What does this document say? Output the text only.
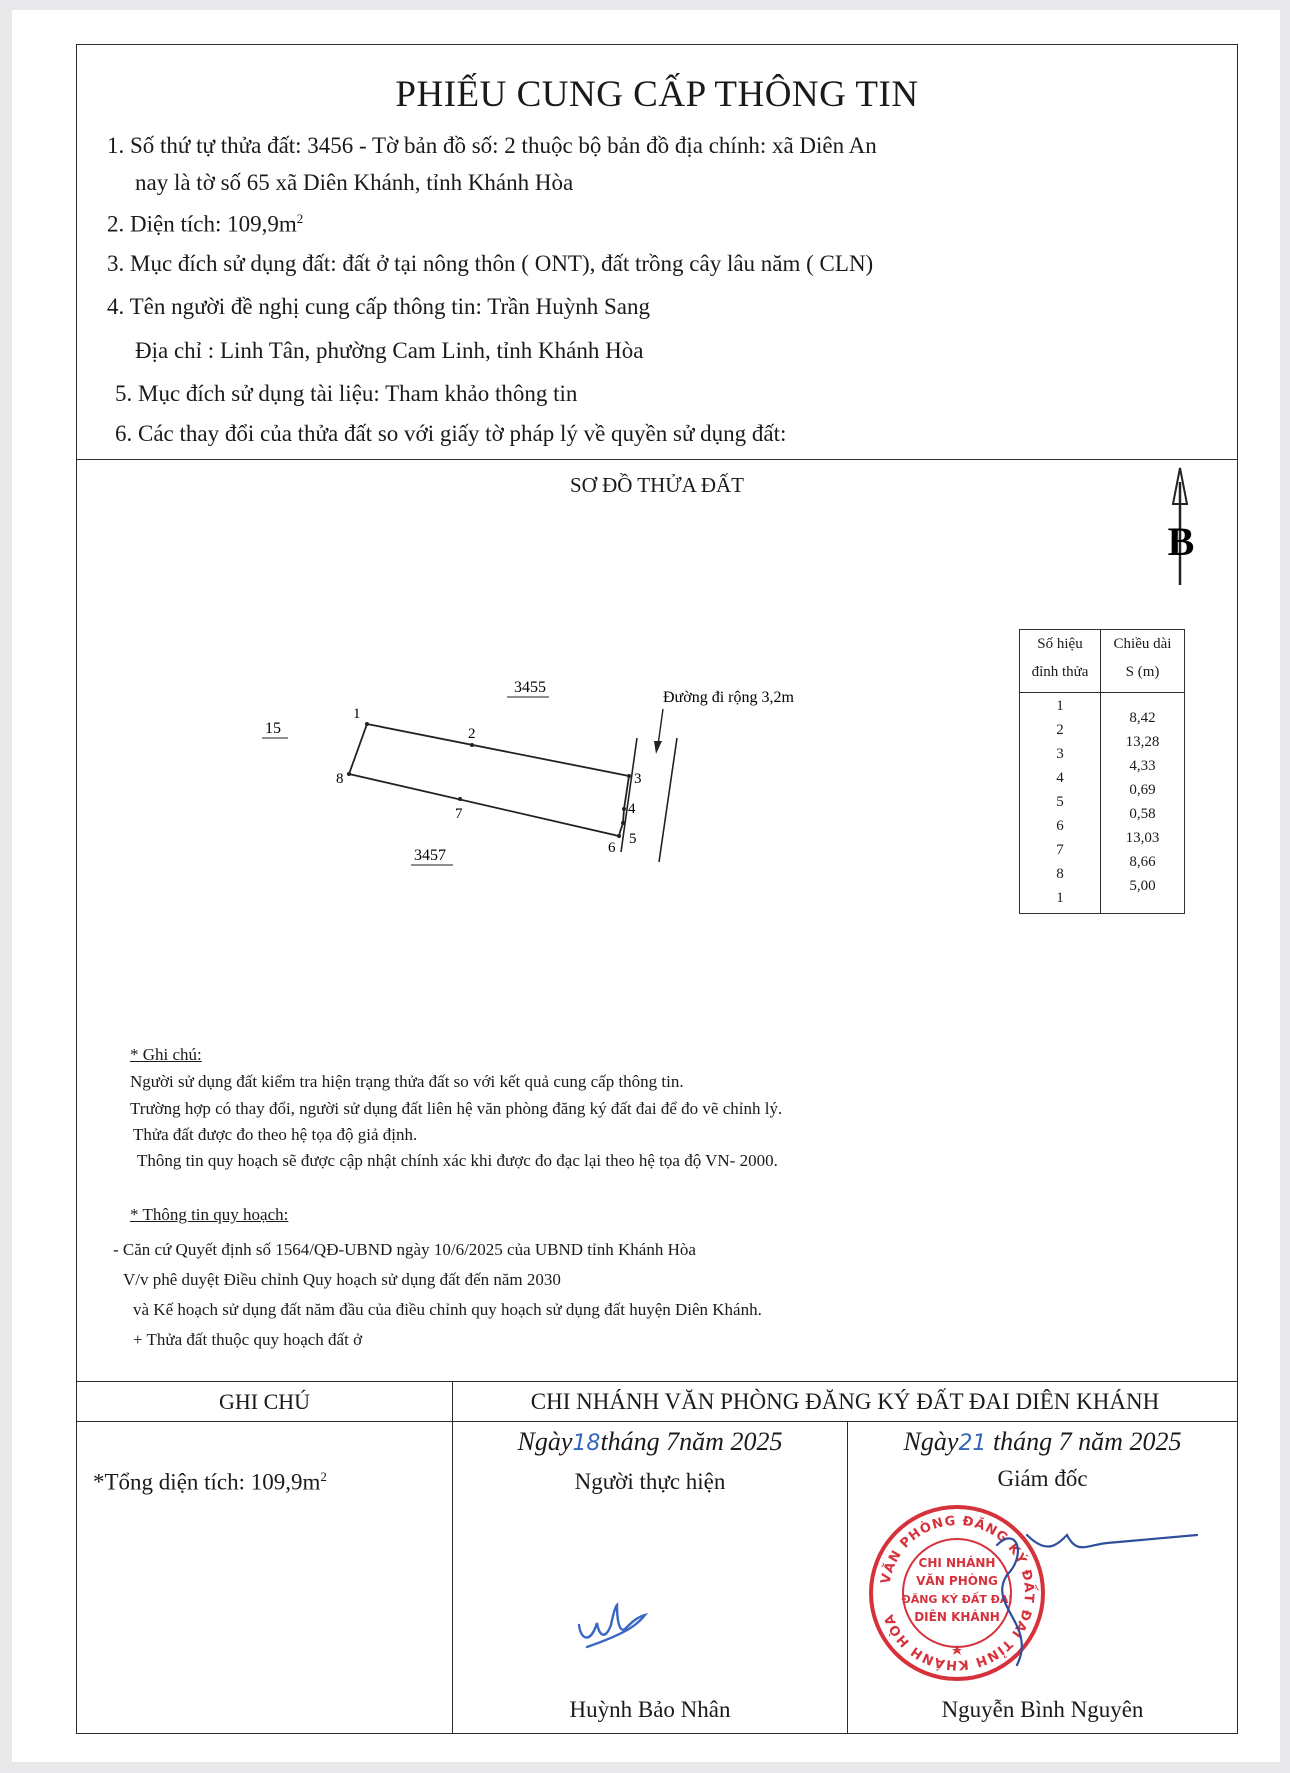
PHIẾU CUNG CẤP THÔNG TIN
1. Số thứ tự thửa đất: 3456 - Tờ bản đồ số: 2 thuộc bộ bản đồ địa chính: xã Diên An
nay là tờ số 65 xã Diên Khánh, tỉnh Khánh Hòa
2. Diện tích: $109,9m^2$
3. Mục đích sử dụng đất: đất ở tại nông thôn ( ONT), đất trồng cây lâu năm ( CLN)
4. Tên người đề nghị cung cấp thông tin: Trần Huỳnh Sang
Địa chỉ : Linh Tân, phường Cam Linh, tỉnh Khánh Hòa
5. Mục đích sử dụng tài liệu: Tham khảo thông tin
6. Các thay đổi của thửa đất so với giấy tờ pháp lý về quyền sử dụng đất:
SƠ ĐỒ THỬA ĐẤT
B
3455
15
3457
Đường đi rộng 3,2m
1
2
3
4
5
6
7
8
Số hiệu
đỉnh thửa
Chiều dài
S (m)
1
2
3
4
5
6
7
8
1
8,42
13,28
4,33
0,69
0,58
13,03
8,66
5,00
* Ghi chú:
Người sử dụng đất kiểm tra hiện trạng thửa đất so với kết quả cung cấp thông tin.
Trường hợp có thay đổi, người sử dụng đất liên hệ văn phòng đăng ký đất đai để đo vẽ chỉnh lý.
Thửa đất được đo theo hệ tọa độ giả định.
Thông tin quy hoạch sẽ được cập nhật chính xác khi được đo đạc lại theo hệ tọa độ VN- 2000.
* Thông tin quy hoạch:
- Căn cứ Quyết định số 1564/QĐ-UBND ngày 10/6/2025 của UBND tỉnh Khánh Hòa
V/v phê duyệt Điều chỉnh Quy hoạch sử dụng đất đến năm 2030
và Kế hoạch sử dụng đất năm đầu của điều chỉnh quy hoạch sử dụng đất huyện Diên Khánh.
+ Thửa đất thuộc quy hoạch đất ở
GHI CHÚ	CHI NHÁNH VĂN PHÒNG ĐĂNG KÝ ĐẤT ĐAI DIÊN KHÁNH
*Tổng diện tích: $109,9m^2$
Ngày18tháng 7năm 2025
Người thực hiện
Ngày21 tháng 7 năm 2025
Giám đốc
VĂN PHÒNG ĐĂNG KÝ ĐẤT ĐAI TỈNH KHÁNH HÒA
CHI NHÁNH
VĂN PHÒNG
ĐĂNG KÝ ĐẤT ĐAI
DIÊN KHÁNH
Huỳnh Bảo Nhân	Nguyễn Bình Nguyên
